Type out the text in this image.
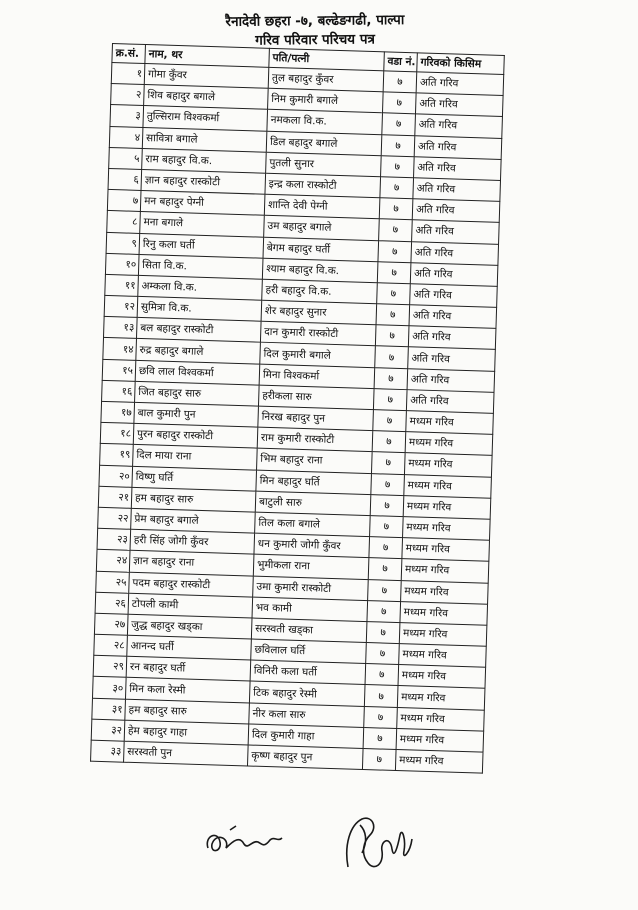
रैनादेवी छहरा -७, बल्ढेङगढी, पाल्पा
गरिव परिवार परिचय पत्र
क्र.सं.	नाम, थर	पति/पत्नी	वडा नं.	गरिवको किसिम
१	गोमा कुँवर	तुल बहादुर कुँवर	७	अति गरिव
२	शिव बहादुर बगाले	निम कुमारी बगाले	७	अति गरिव
३	तुल्सिराम विश्वकर्मा	नमकला वि.क.	७	अति गरिव
४	सावित्रा बगाले	डिल बहादुर बगाले	७	अति गरिव
५	राम बहादुर वि.क.	पुतली सुनार	७	अति गरिव
६	ज्ञान बहादुर रास्कोटी	इन्द्र कला रास्कोटी	७	अति गरिव
७	मन बहादुर पेग्नी	शान्ति देवी पेग्नी	७	अति गरिव
८	मना बगाले	उम बहादुर बगाले	७	अति गरिव
९	रिनु कला घर्ती	बेगम बहादुर घर्ती	७	अति गरिव
१०	सिता वि.क.	श्याम बहादुर वि.क.	७	अति गरिव
११	अम्कला वि.क.	हरी बहादुर वि.क.	७	अति गरिव
१२	सुमित्रा वि.क.	शेर बहादुर सुनार	७	अति गरिव
१३	बल बहादुर रास्कोटी	दान कुमारी रास्कोटी	७	अति गरिव
१४	रुद्र बहादुर बगाले	दिल कुमारी बगाले	७	अति गरिव
१५	छवि लाल विश्वकर्मा	मिना विश्वकर्मा	७	अति गरिव
१६	जित बहादुर सारु	हरीकला सारु	७	अति गरिव
१७	बाल कुमारी पुन	निरख बहादुर पुन	७	मध्यम गरिव
१८	पुरन बहादुर रास्कोटी	राम कुमारी रास्कोटी	७	मध्यम गरिव
१९	दिल माया राना	भिम बहादुर राना	७	मध्यम गरिव
२०	विष्णु घर्ति	मिन बहादुर घर्ति	७	मध्यम गरिव
२१	हम बहादुर सारु	बाटुली सारु	७	मध्यम गरिव
२२	प्रेम बहादुर बगाले	तिल कला बगाले	७	मध्यम गरिव
२३	हरी सिंह जोगी कुँवर	धन कुमारी जोगी कुँवर	७	मध्यम गरिव
२४	ज्ञान बहादुर राना	भुमीकला राना	७	मध्यम गरिव
२५	पदम बहादुर रास्कोटी	उमा कुमारी रास्कोटी	७	मध्यम गरिव
२६	टोपली कामी	भव कामी	७	मध्यम गरिव
२७	जुद्ध बहादुर खड्का	सरस्वती खड्का	७	मध्यम गरिव
२८	आनन्द घर्ती	छविलाल घर्ति	७	मध्यम गरिव
२९	रन बहादुर घर्ती	विनिरी कला घर्ती	७	मध्यम गरिव
३०	मिन कला रेस्मी	टिक बहादुर रेस्मी	७	मध्यम गरिव
३१	हम बहादुर सारु	नीर कला सारु	७	मध्यम गरिव
३२	हेम बहादुर गाहा	दिल कुमारी गाहा	७	मध्यम गरिव
३३	सरस्वती पुन	कृष्ण बहादुर पुन	७	मध्यम गरिव
